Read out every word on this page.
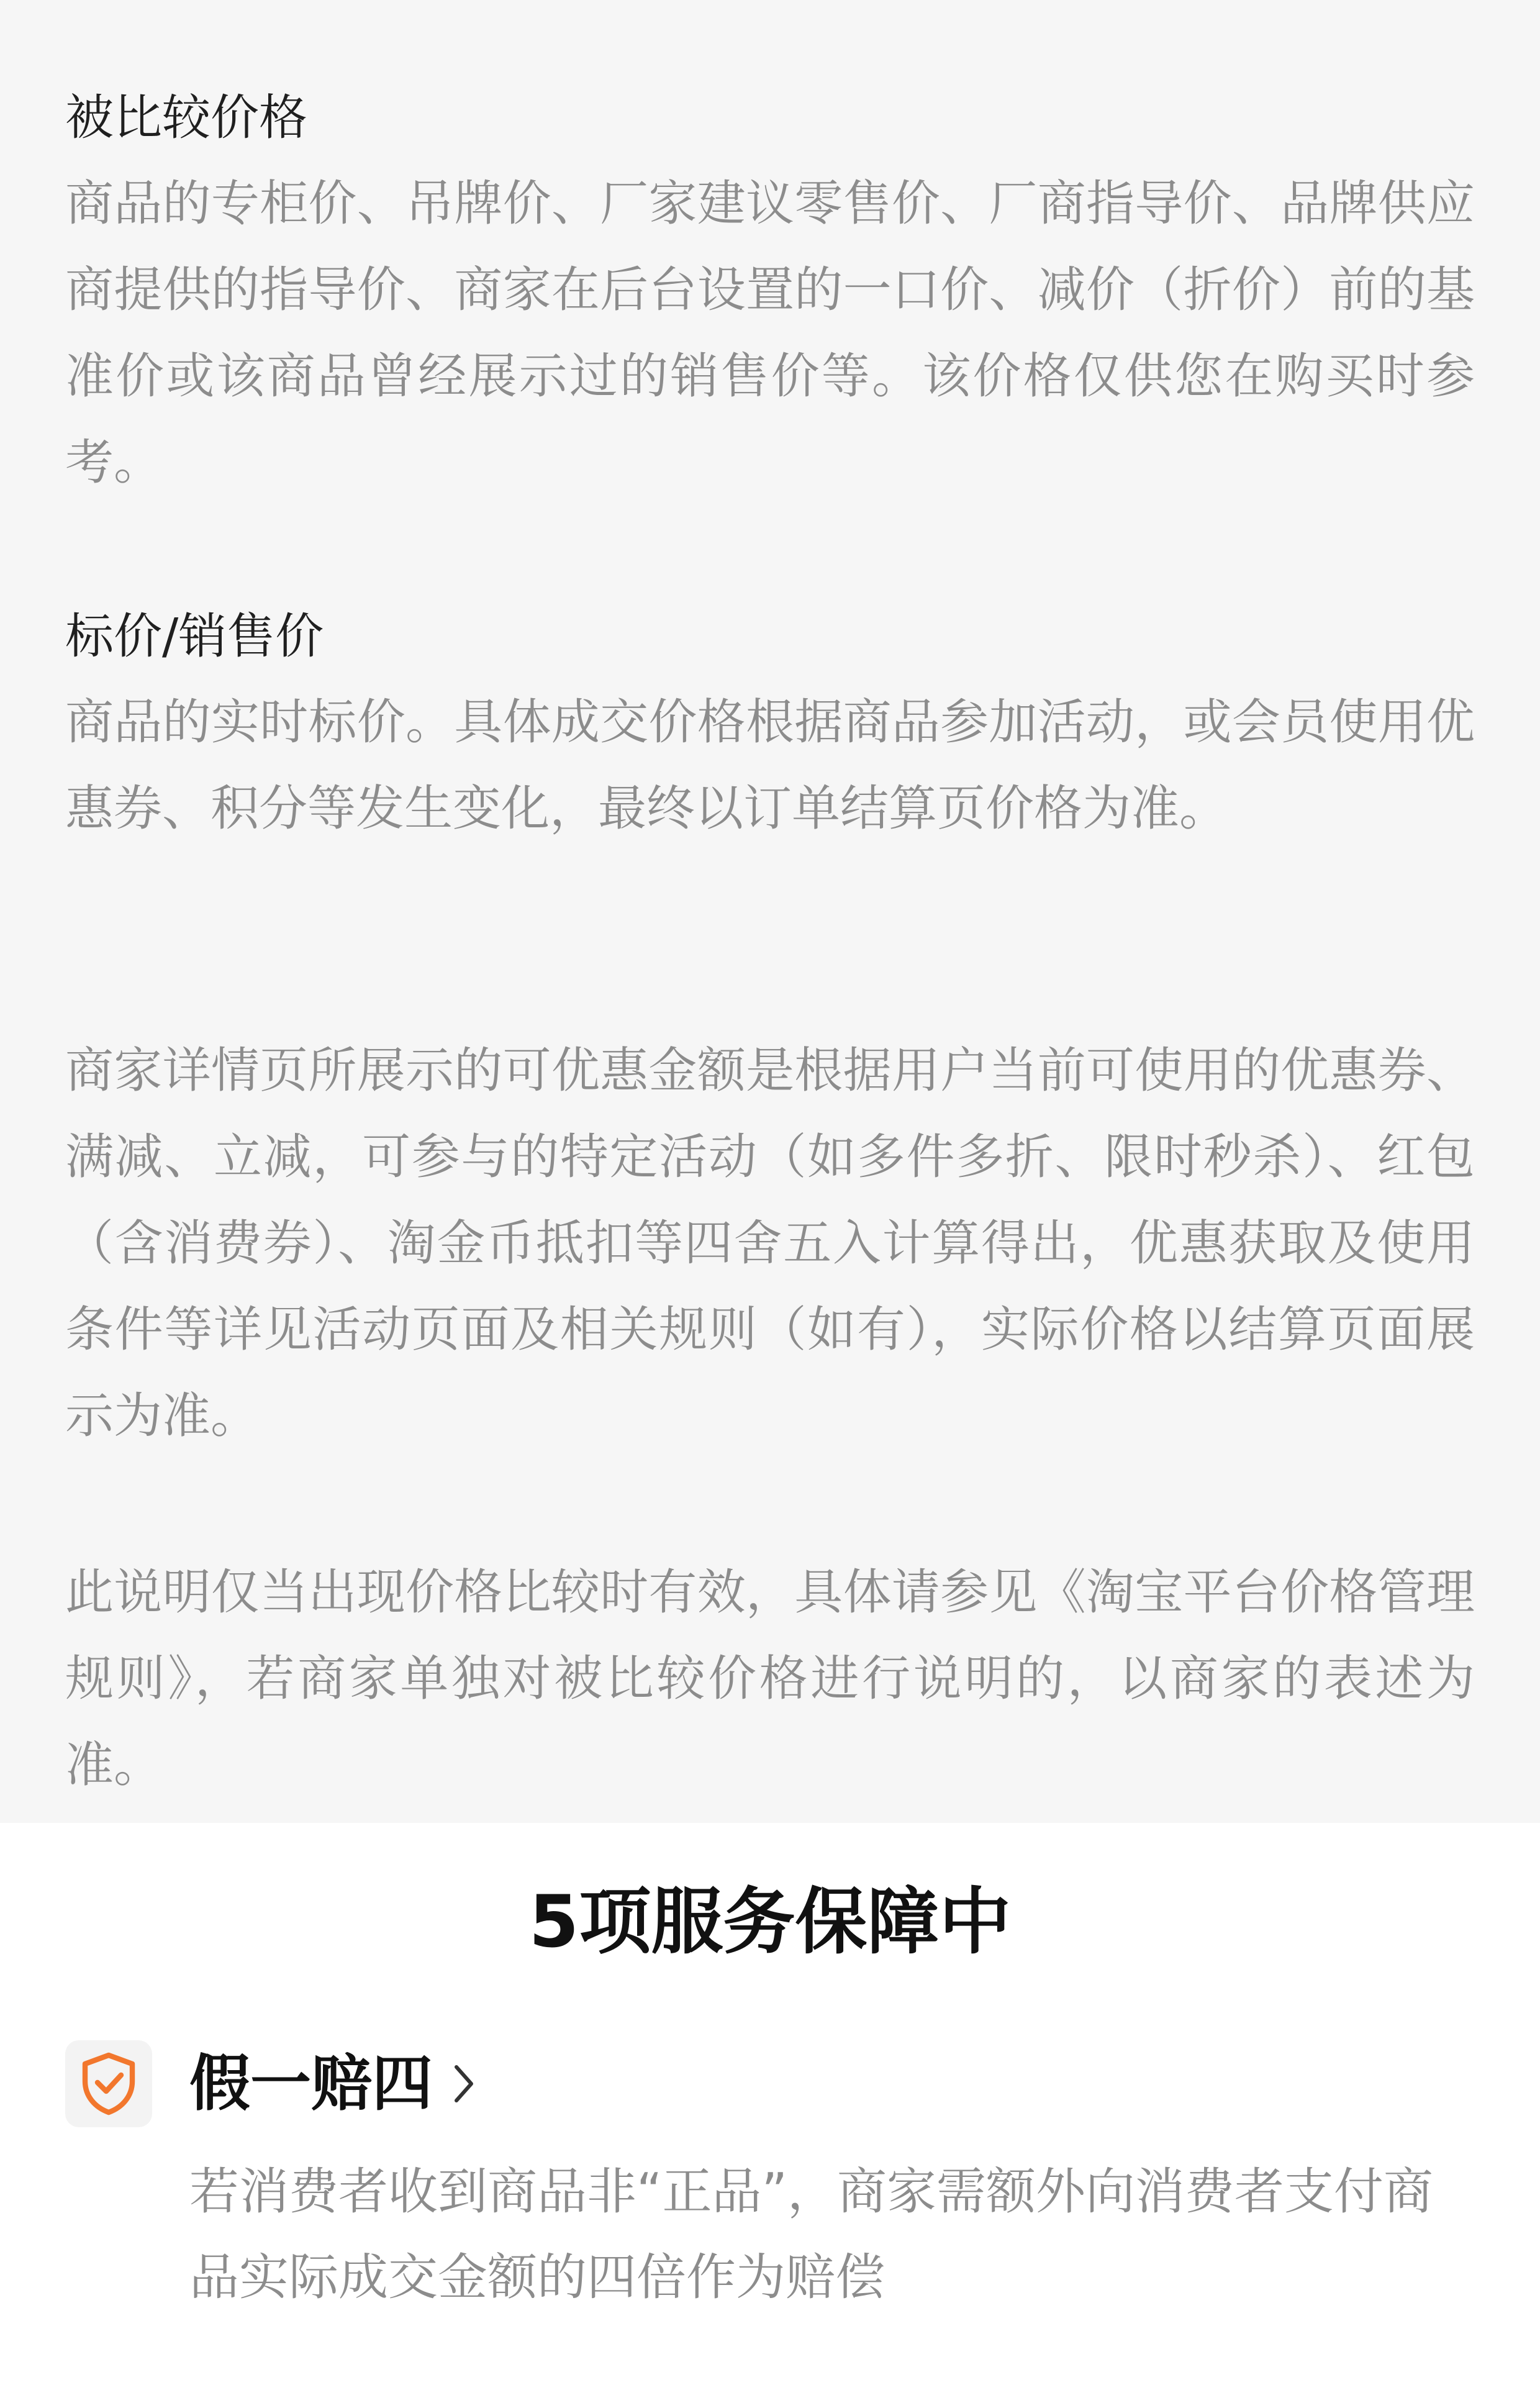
被比较价格

商品的专柜价、吊牌价、厂家建议零售价、厂商指导价、品牌供应商提供的指导价、商家在后台设置的一口价、减价（折价）前的基准价或该商品曾经展示过的销售价等。该价格仅供您在购买时参考。

标价/销售价

商品的实时标价。具体成交价格根据商品参加活动，或会员使用优惠券、积分等发生变化，最终以订单结算页价格为准。

商家详情页所展示的可优惠金额是根据用户当前可使用的优惠券、满减、立减，可参与的特定活动（如多件多折、限时秒杀）、红包（含消费券）、淘金币抵扣等四舍五入计算得出，优惠获取及使用条件等详见活动页面及相关规则（如有），实际价格以结算页面展示为准。

此说明仅当出现价格比较时有效，具体请参见《淘宝平台价格管理规则》，若商家单独对被比较价格进行说明的，以商家的表述为准。

5项服务保障中
假一赔四

若消费者收到商品非“正品”，商家需额外向消费者支付商品实际成交金额的四倍作为赔偿
